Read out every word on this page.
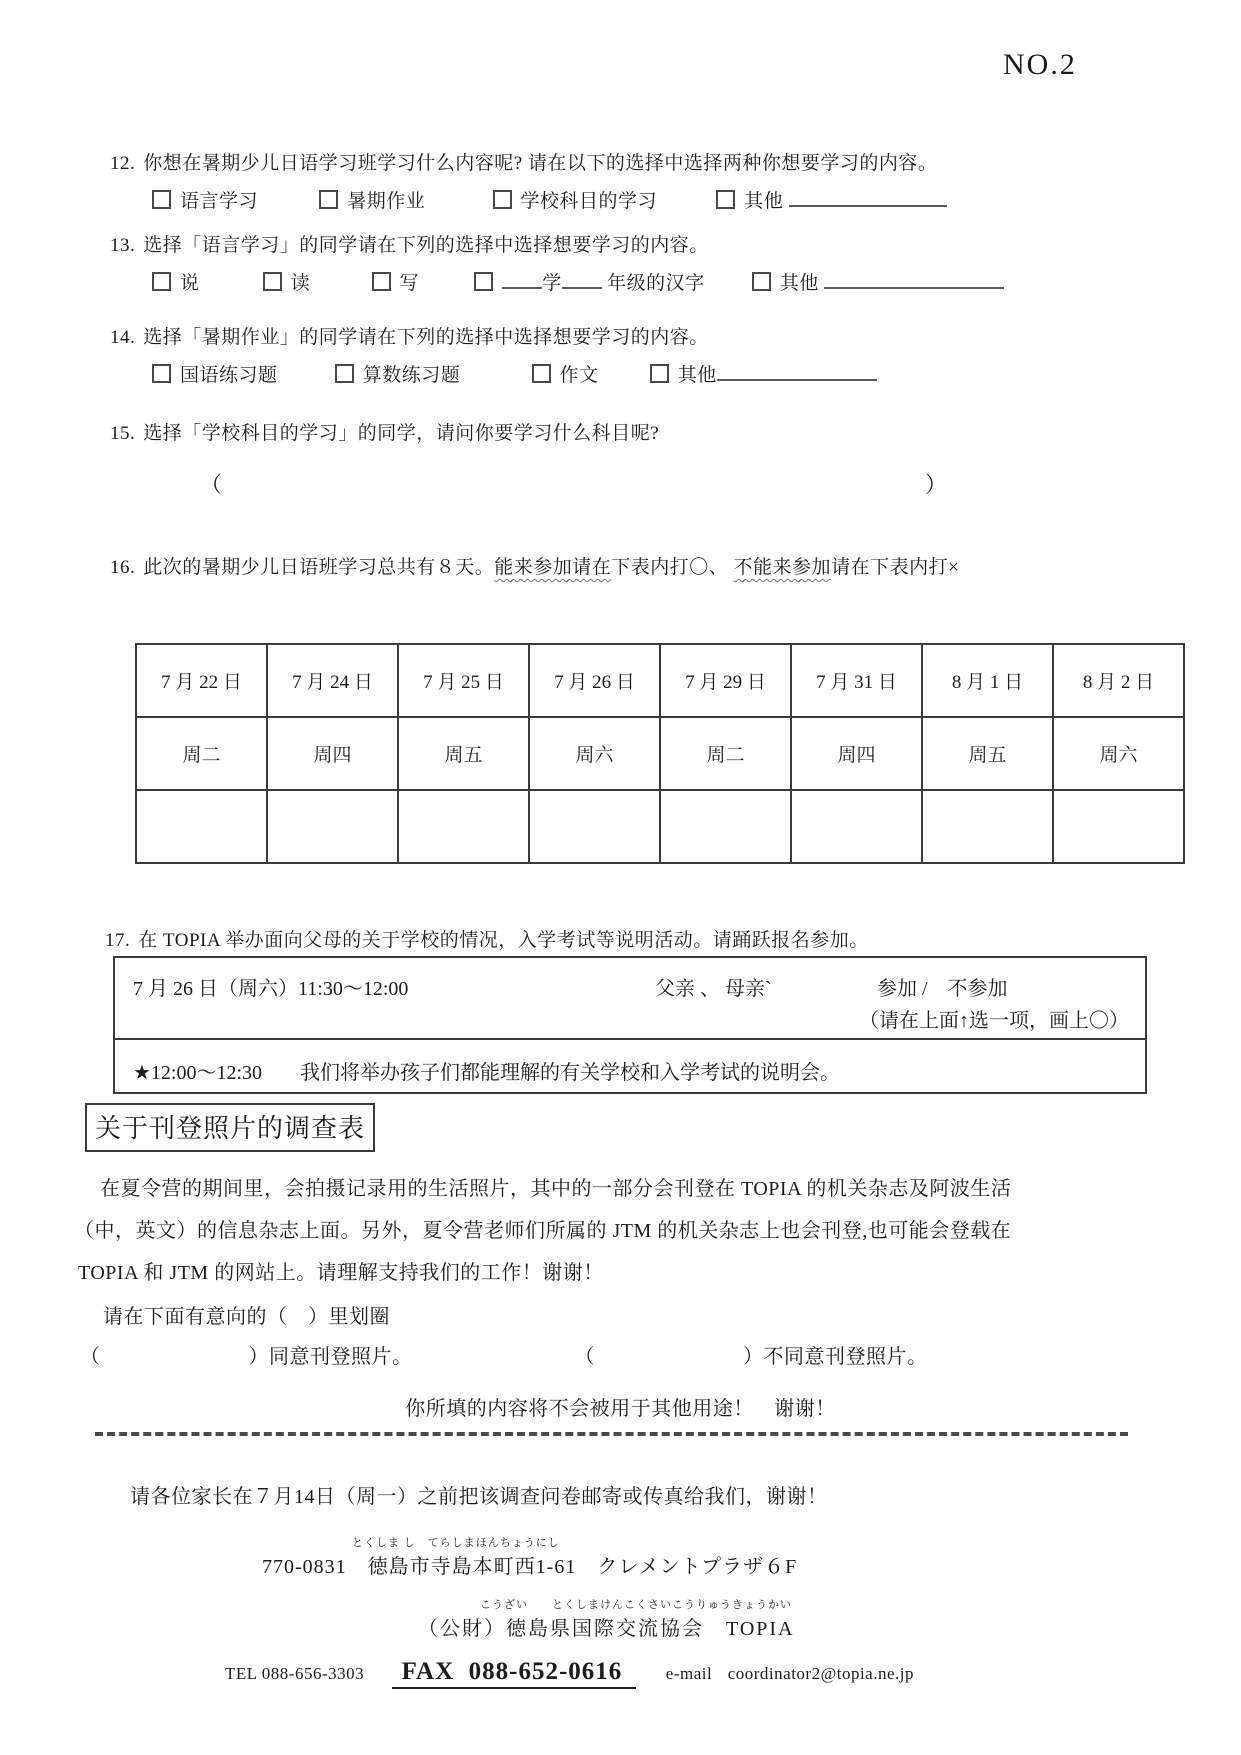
NO.2
12. 你想在暑期少儿日语学习班学习什么内容呢? 请在以下的选择中选择两种你想要学习的内容。
语言学习	暑期作业	学校科目的学习	其他
13. 选择「语言学习」的同学请在下列的选择中选择想要学习的内容。
说	读	写	学 年级的汉字	其他
14. 选择「暑期作业」的同学请在下列的选择中选择想要学习的内容。
国语练习题	算数练习题	作文	其他
15. 选择「学校科目的学习」的同学，请问你要学习什么科目呢?
（	）
16. 此次的暑期少儿日语班学习总共有８天。能来参加请在下表内打〇、 不能来参加请在下表内打×
7 月 22 日	7 月 24 日	7 月 25 日	7 月 26 日	7 月 29 日	7 月 31 日	8 月 1 日	8 月 2 日
周二	周四	周五	周六	周二	周四	周五	周六

17. 在 TOPIA 举办面向父母的关于学校的情况，入学考试等说明活动。请踊跃报名参加。
7 月 26 日（周六）11:30～12:00	父亲 、 母亲`	参加 /　不参加
（请在上面↑选一项，画上〇）
★12:00～12:30 我们将举办孩子们都能理解的有关学校和入学考试的说明会。
关于刊登照片的调查表
在夏令营的期间里，会拍摄记录用的生活照片，其中的一部分会刊登在 TOPIA 的机关杂志及阿波生活
（中，英文）的信息杂志上面。另外，夏令营老师们所属的 JTM 的机关杂志上也会刊登,也可能会登载在
TOPIA 和 JTM 的网站上。请理解支持我们的工作！谢谢！
请在下面有意向的（　）里划圈
（	）同意刊登照片。	（	）不同意刊登照片。
你所填的内容将不会被用于其他用途！　谢谢！
请各位家长在７月14日（周一）之前把该调查问卷邮寄或传真给我们，谢谢！
とくしま し　てらしまほんちょうにし
770-0831　徳島市寺島本町西1-61　クレメントプラザ６F
こうざい　　とくしまけんこくさいこうりゅうきょうかい
（公財）徳島県国際交流協会　TOPIA
TEL 088-656-3303 FAX 088-652-0616	e-mail coordinator2@topia.ne.jp
